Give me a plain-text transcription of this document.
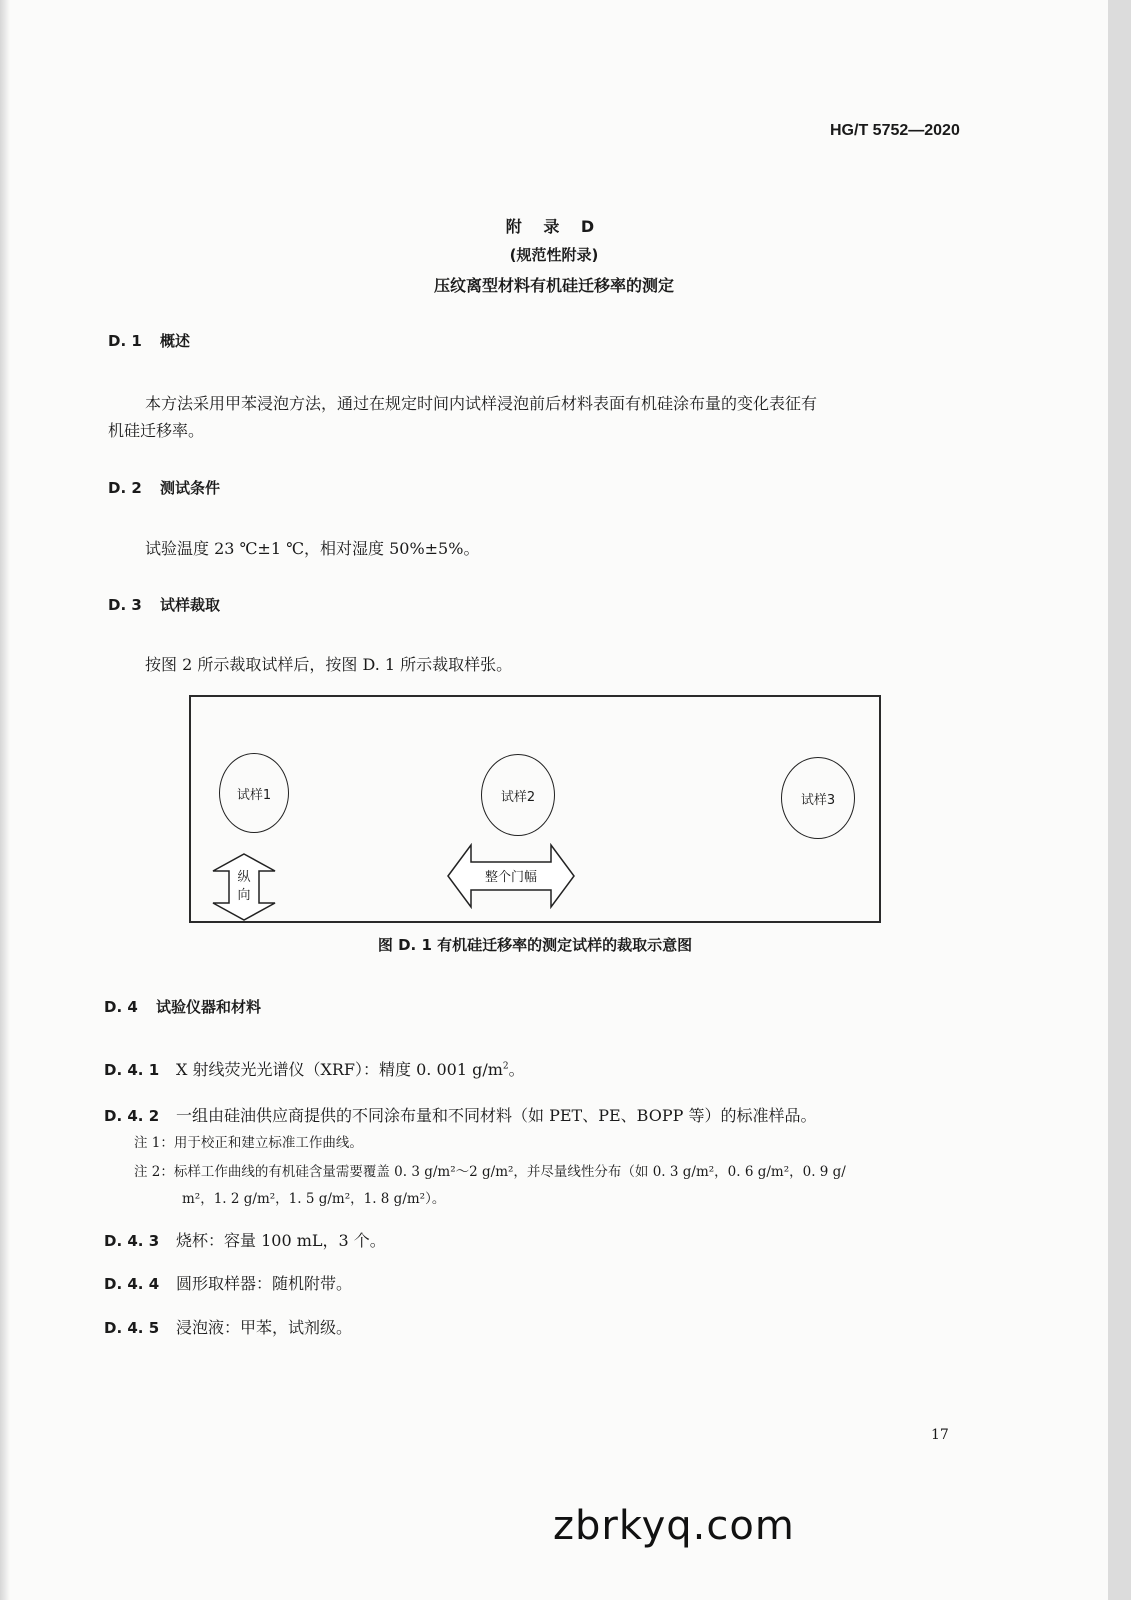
HG/T 5752—2020
附 录 D
(规范性附录)
压纹离型材料有机硅迁移率的测定
D. 1 概述
本方法采用甲苯浸泡方法，通过在规定时间内试样浸泡前后材料表面有机硅涂布量的变化表征有
机硅迁移率。
D. 2 测试条件
试验温度 23 ℃±1 ℃，相对湿度 50%±5%。
D. 3 试样裁取
按图 2 所示裁取试样后，按图 D. 1 所示裁取样张。
试样1	试样2	试样3
纵
向
整个门幅
图 D. 1 有机硅迁移率的测定试样的裁取示意图
D. 4 试验仪器和材料
D. 4. 1 X 射线荧光光谱仪（XRF）：精度 0. 001 $g/m^2$。
D. 4. 2 一组由硅油供应商提供的不同涂布量和不同材料（如 PET、PE、BOPP 等）的标准样品。
注 1：用于校正和建立标准工作曲线。
注 2：标样工作曲线的有机硅含量需要覆盖 0. 3 g/m²～2 g/m²，并尽量线性分布（如 0. 3 g/m²，0. 6 g/m²，0. 9 g/
m²，1. 2 g/m²，1. 5 g/m²，1. 8 g/m²）。
D. 4. 3 烧杯：容量 100 mL，3 个。
D. 4. 4 圆形取样器：随机附带。
D. 4. 5 浸泡液：甲苯，试剂级。
17
zbrkyq.com
